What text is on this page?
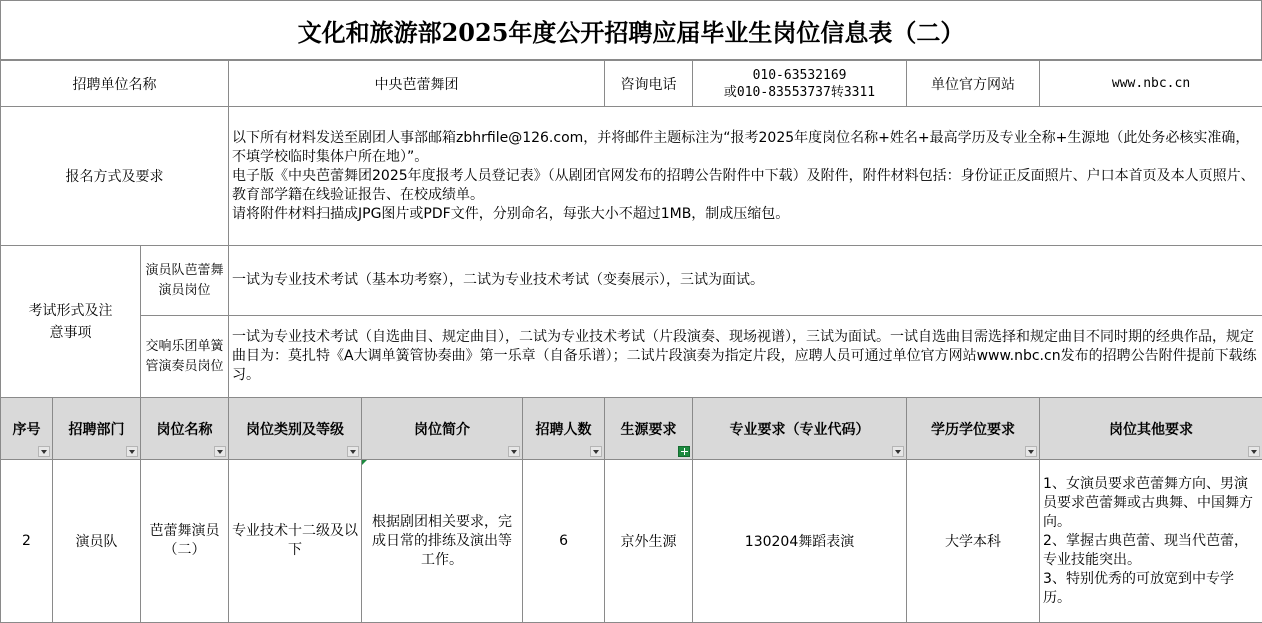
文化和旅游部2025年度公开招聘应届毕业生岗位信息表（二）
招聘单位名称			中央芭蕾舞团			咨询电话	010-63532169
或010-83553737转3311	单位官方网站	www.nbc.cn
报名方式及要求			以下所有材料发送至剧团人事部邮箱zbhrfile@126.com，并将邮件主题标注为“报考2025年度岗位名称+姓名+最高学历及专业全称+生源地（此处务必核实准确，不填学校临时集体户所在地）”。
电子版《中央芭蕾舞团2025年度报考人员登记表》（从剧团官网发布的招聘公告附件中下载）及附件，附件材料包括：身份证正反面照片、户口本首页及本人页照片、教育部学籍在线验证报告、在校成绩单。
请将附件材料扫描成JPG图片或PDF文件，分别命名，每张大小不超过1MB，制成压缩包。						

考试形式及注意事项		演员队芭蕾舞演员岗位	一试为专业技术考试（基本功考察），二试为专业技术考试（变奏展示），三试为面试。						
		交响乐团单簧管演奏员岗位	一试为专业技术考试（自选曲目、规定曲目），二试为专业技术考试（片段演奏、现场视谱），三试为面试。一试自选曲目需选择和规定曲目不同时期的经典作品，规定曲目为：莫扎特《A大调单簧管协奏曲》第一乐章（自备乐谱）；二试片段演奏为指定片段，应聘人员可通过单位官方网站www.nbc.cn发布的招聘公告附件提前下载练习。						
序号	招聘部门	岗位名称	岗位类别及等级	岗位简介	招聘人数	生源要求	专业要求（专业代码）	学历学位要求	岗位其他要求

2	演员队	芭蕾舞演员（二）	专业技术十二级及以下	根据剧团相关要求，完成日常的排练及演出等工作。	6	京外生源	130204舞蹈表演	大学本科	1、女演员要求芭蕾舞方向、男演员要求芭蕾舞或古典舞、中国舞方向。
2、掌握古典芭蕾、现当代芭蕾，专业技能突出。
3、特别优秀的可放宽到中专学历。
